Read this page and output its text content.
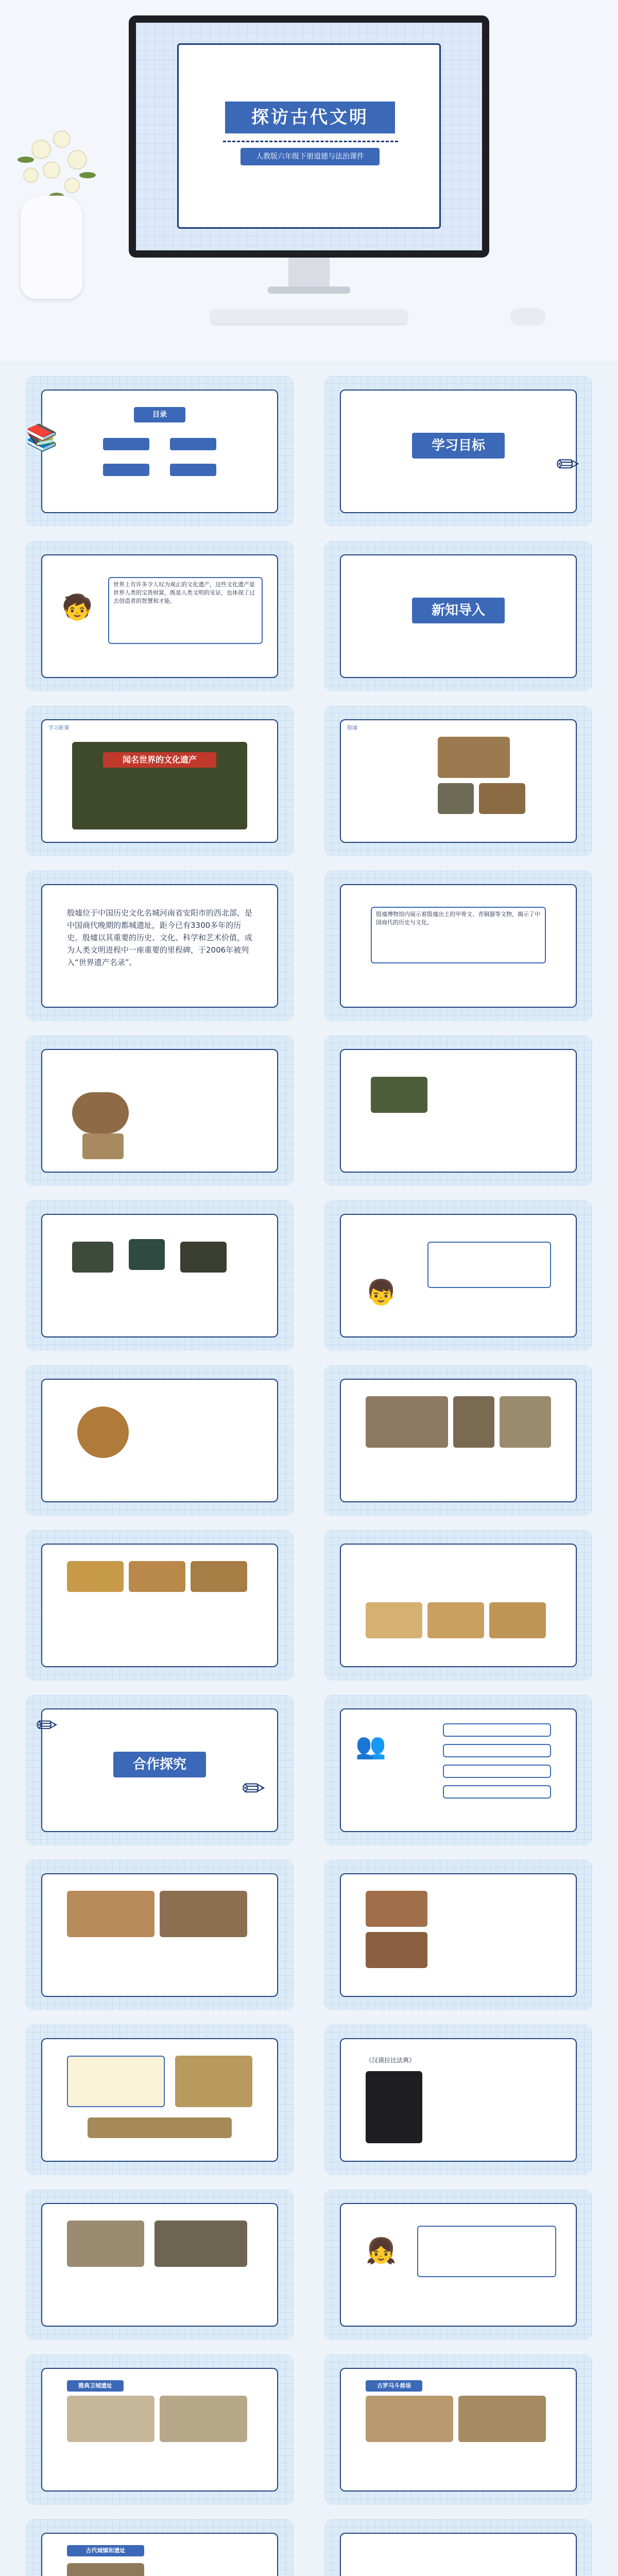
探访古代文明
人教版六年级下册道德与法治课件
目录
📚	学习目标
✏
🧒
世界上有许多令人叹为观止的文化遗产，这些文化遗产是世界人类的宝贵财富，既是人类文明的见证，也体现了过去创造者的智慧和才能。
新知导入
学习新课
闻名世界的文化遗产
殷墟
殷墟位于中国历史文化名城河南省安阳市的西北部，是中国商代晚期的都城遗址，距今已有3300多年的历史。殷墟以其重要的历史、文化、科学和艺术价值，成为人类文明进程中一座重要的里程碑，于2006年被列入“世界遗产名录”。
殷墟博物馆内展示着殷墟出土的甲骨文、青铜器等文物，揭示了中国商代的历史与文化。
👦
合作探究
✏
✏
👥
《汉谟拉比法典》
👧
雅典卫城遗址	古罗马斗兽场
古代城镇和遗址
